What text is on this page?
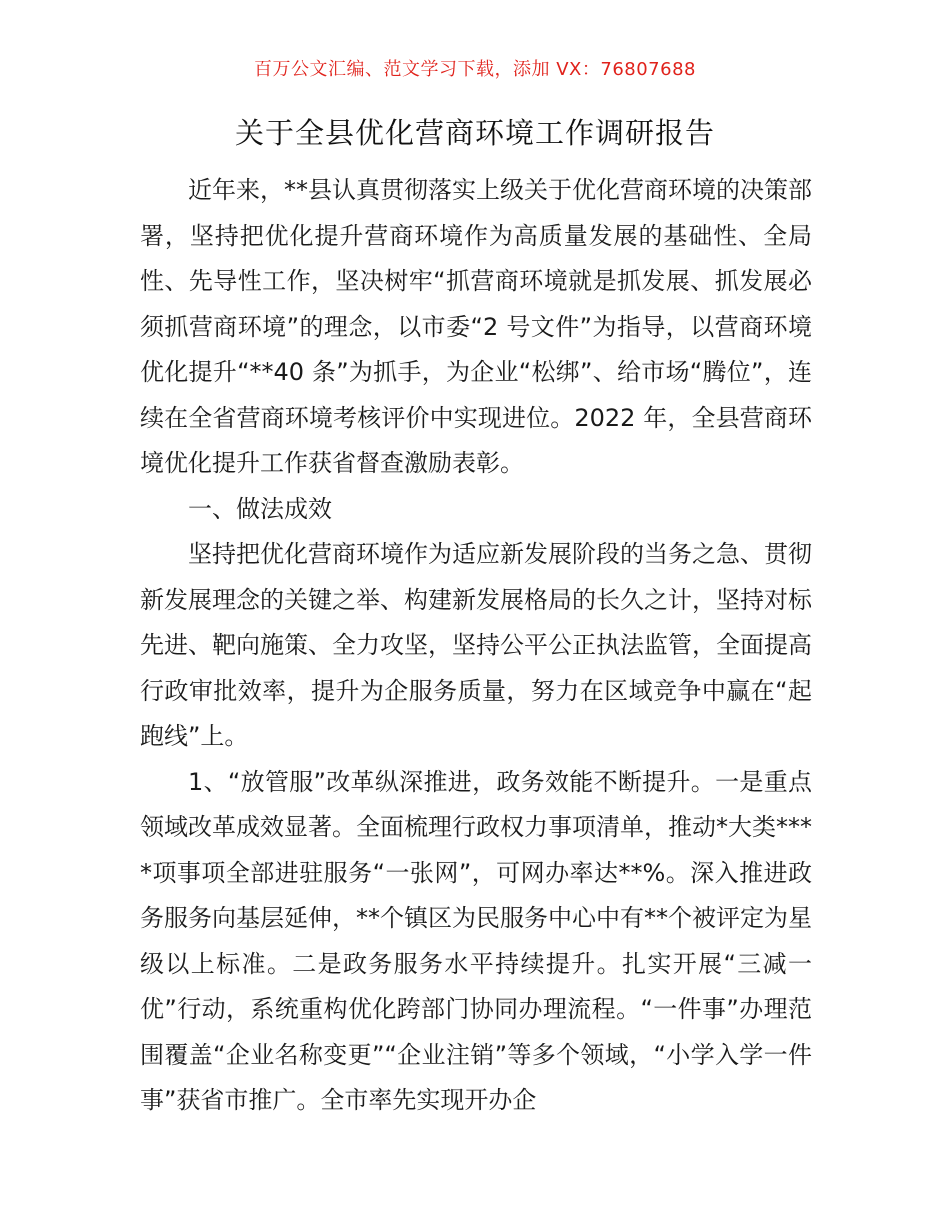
百万公文汇编、范文学习下载，添加 VX：76807688
关于全县优化营商环境工作调研报告

近年来，**县认真贯彻落实上级关于优化营商环境的决策部署，坚持把优化提升营商环境作为高质量发展的基础性、全局性、先导性工作，坚决树牢“抓营商环境就是抓发展、抓发展必须抓营商环境”的理念，以市委“2 号文件”为指导，以营商环境优化提升“**40 条”为抓手，为企业“松绑”、给市场“腾位”，连续在全省营商环境考核评价中实现进位。2022 年，全县营商环境优化提升工作获省督查激励表彰。

一、做法成效

坚持把优化营商环境作为适应新发展阶段的当务之急、贯彻新发展理念的关键之举、构建新发展格局的长久之计，坚持对标先进、靶向施策、全力攻坚，坚持公平公正执法监管，全面提高行政审批效率，提升为企服务质量，努力在区域竞争中赢在“起跑线”上。

1、“放管服”改革纵深推进，政务效能不断提升。一是重点领域改革成效显著。全面梳理行政权力事项清单，推动*大类****项事项全部进驻服务“一张网”，可网办率达**%。深入推进政务服务向基层延伸，**个镇区为民服务中心中有**个被评定为星级以上标准。二是政务服务水平持续提升。扎实开展“三减一优”行动，系统重构优化跨部门协同办理流程。“一件事”办理范围覆盖“企业名称变更”“企业注销”等多个领域，“小学入学一件事”获省市推广。全市率先实现开办企
